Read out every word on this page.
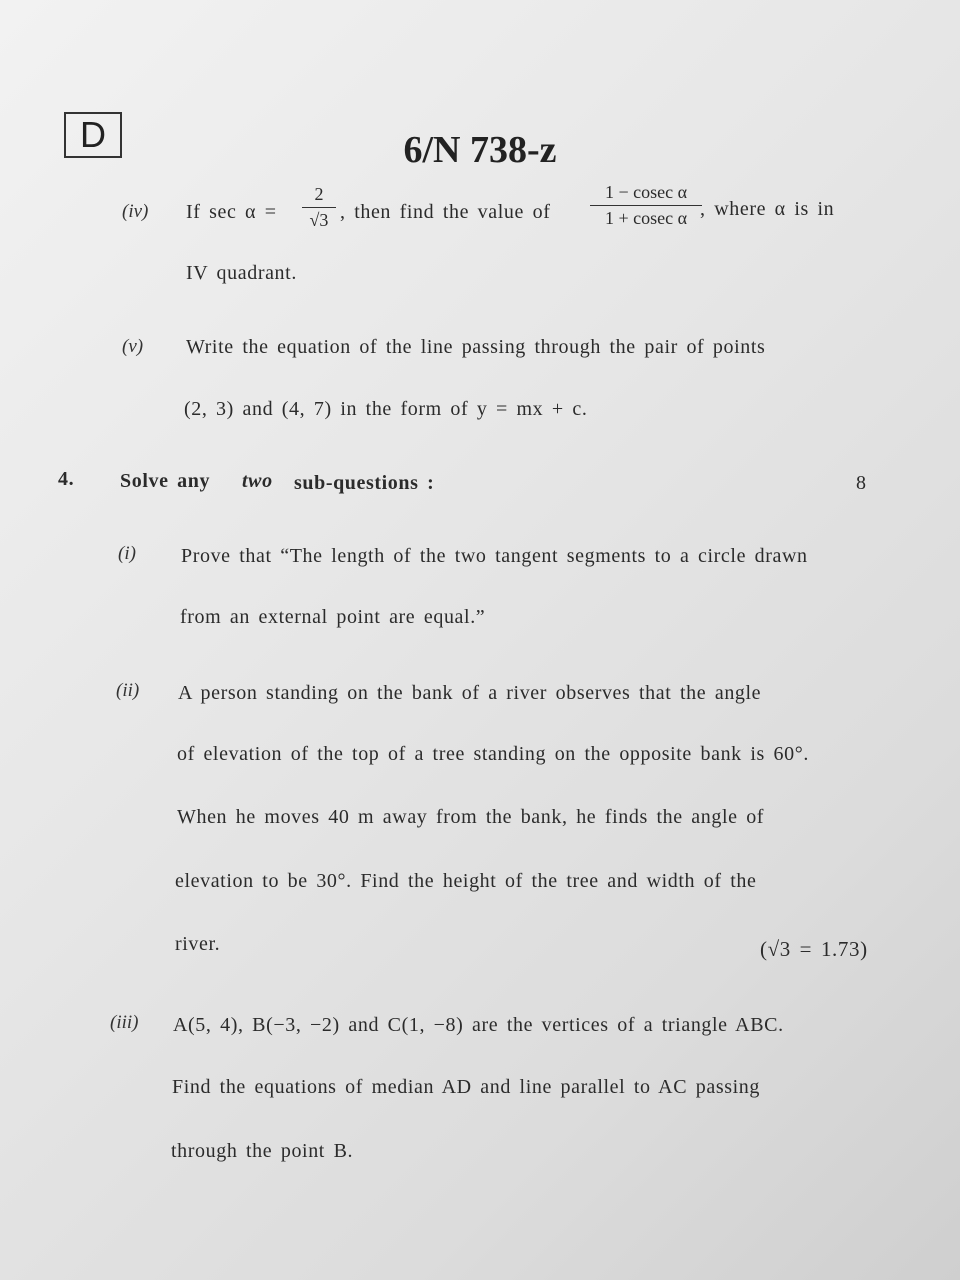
D	6/N 738-z
(iv) If sec α =
2
√3 , then find the value of
1 − cosec α
1 + cosec α , where α is in
IV quadrant.
(v) Write the equation of the line passing through the pair of points
(2, 3) and (4, 7) in the form of y = mx + c.
4. Solve any two sub-questions :	8
(i) Prove that “The length of the two tangent segments to a circle drawn
from an external point are equal.”
(ii) A person standing on the bank of a river observes that the angle
of elevation of the top of a tree standing on the opposite bank is 60°.
When he moves 40 m away from the bank, he finds the angle of
elevation to be 30°. Find the height of the tree and width of the
river.	(√3 = 1.73)
(iii) A(5, 4), B(−3, −2) and C(1, −8) are the vertices of a triangle ABC.
Find the equations of median AD and line parallel to AC passing
through the point B.
